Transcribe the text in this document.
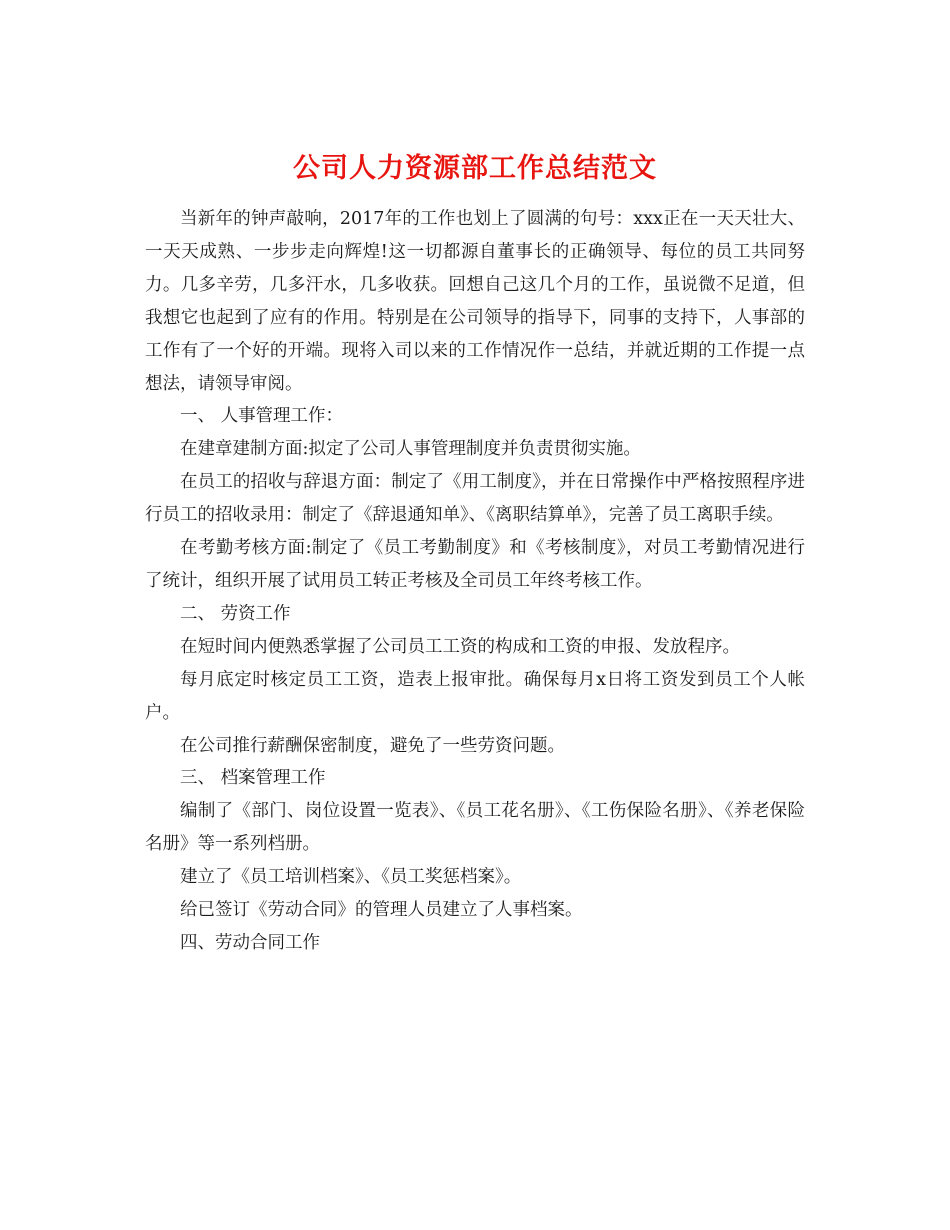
公司人力资源部工作总结范文

当新年的钟声敲响，2017年的工作也划上了圆满的句号：xxx正在一天天壮大、一天天成熟、一步步走向辉煌!这一切都源自董事长的正确领导、每位的员工共同努力。几多辛劳，几多汗水，几多收获。回想自己这几个月的工作，虽说微不足道，但我想它也起到了应有的作用。特别是在公司领导的指导下，同事的支持下，人事部的工作有了一个好的开端。现将入司以来的工作情况作一总结，并就近期的工作提一点想法，请领导审阅。

一、 人事管理工作：

在建章建制方面:拟定了公司人事管理制度并负责贯彻实施。

在员工的招收与辞退方面：制定了《用工制度》，并在日常操作中严格按照程序进行员工的招收录用：制定了《辞退通知单》、《离职结算单》，完善了员工离职手续。

在考勤考核方面:制定了《员工考勤制度》和《考核制度》，对员工考勤情况进行了统计，组织开展了试用员工转正考核及全司员工年终考核工作。

二、 劳资工作

在短时间内便熟悉掌握了公司员工工资的构成和工资的申报、发放程序。

每月底定时核定员工工资，造表上报审批。确保每月x日将工资发到员工个人帐户。

在公司推行薪酬保密制度，避免了一些劳资问题。

三、 档案管理工作

编制了《部门、岗位设置一览表》、《员工花名册》、《工伤保险名册》、《养老保险名册》等一系列档册。

建立了《员工培训档案》、《员工奖惩档案》。

给已签订《劳动合同》的管理人员建立了人事档案。

四、劳动合同工作
